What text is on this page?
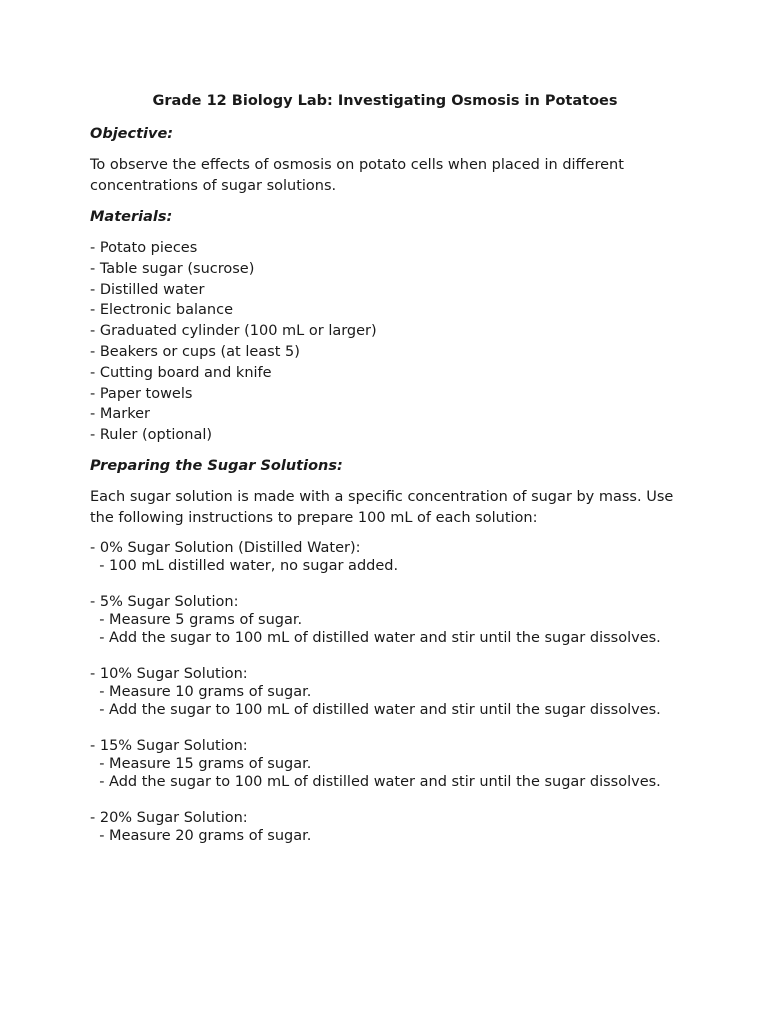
Grade 12 Biology Lab: Investigating Osmosis in Potatoes
Objective:
To observe the effects of osmosis on potato cells when placed in different concentrations of sugar solutions.
Materials:
- Potato pieces
- Table sugar (sucrose)
- Distilled water
- Electronic balance
- Graduated cylinder (100 mL or larger)
- Beakers or cups (at least 5)
- Cutting board and knife
- Paper towels
- Marker
- Ruler (optional)
Preparing the Sugar Solutions:
Each sugar solution is made with a specific concentration of sugar by mass. Use the following instructions to prepare 100 mL of each solution:
- 0% Sugar Solution (Distilled Water):
- 100 mL distilled water, no sugar added.
- 5% Sugar Solution:
- Measure 5 grams of sugar.
- Add the sugar to 100 mL of distilled water and stir until the sugar dissolves.
- 10% Sugar Solution:
- Measure 10 grams of sugar.
- Add the sugar to 100 mL of distilled water and stir until the sugar dissolves.
- 15% Sugar Solution:
- Measure 15 grams of sugar.
- Add the sugar to 100 mL of distilled water and stir until the sugar dissolves.
- 20% Sugar Solution:
- Measure 20 grams of sugar.
